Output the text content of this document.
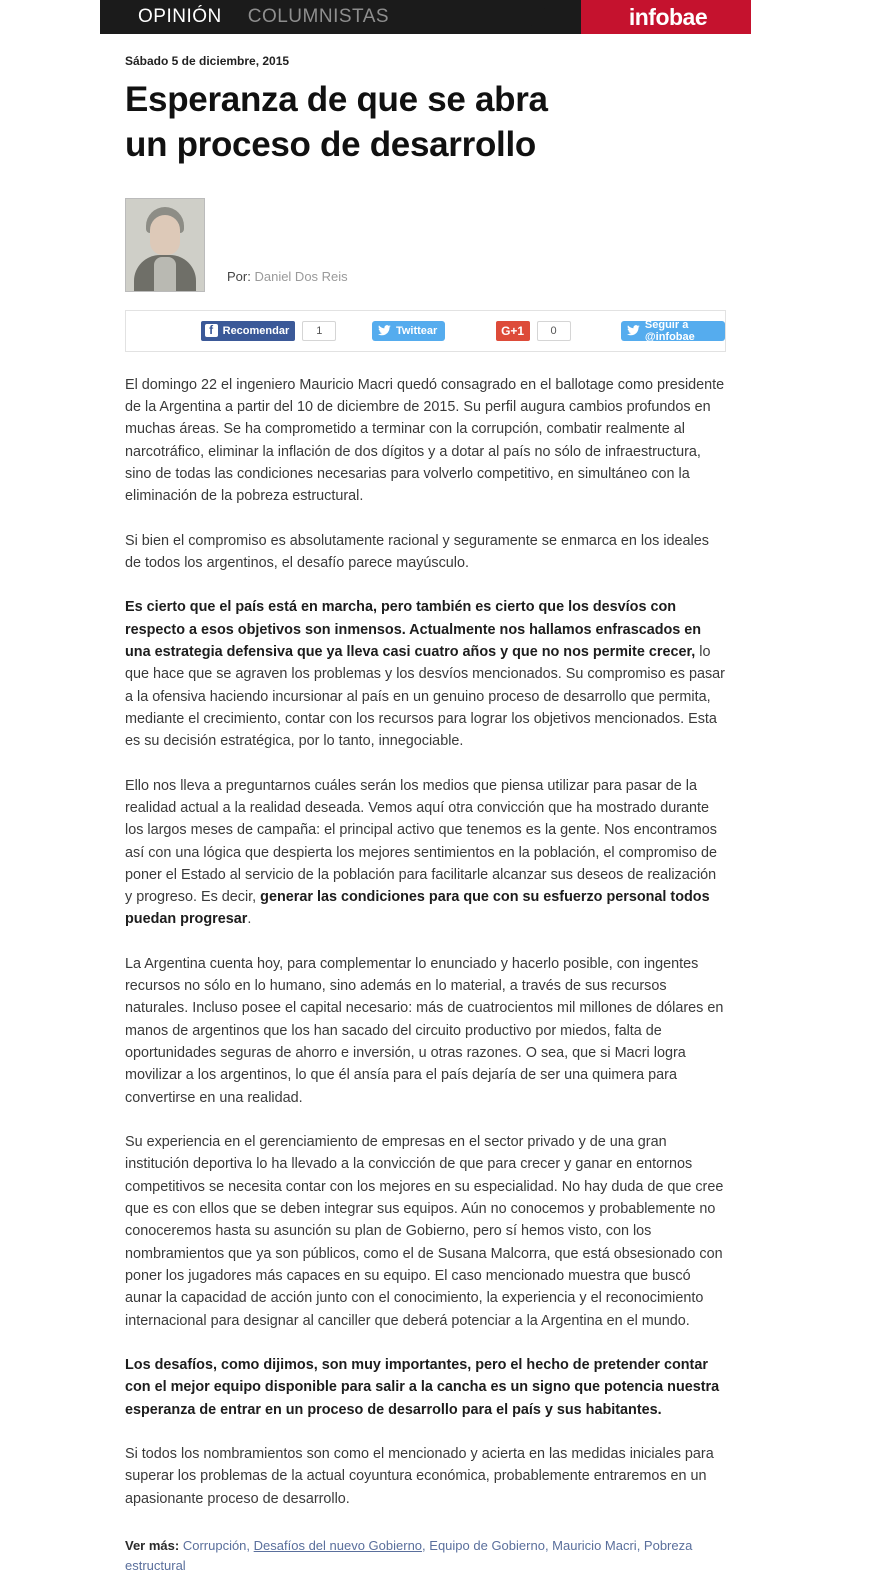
OPINIÓN COLUMNISTAS	infobae
Sábado 5 de diciembre, 2015
Esperanza de que se abra
un proceso de desarrollo
Por: Daniel Dos Reis
f Recomendar	1	Twittear	G+1	0	Seguir a @infobae

El domingo 22 el ingeniero Mauricio Macri quedó consagrado en el ballotage como presidente de la Argentina a partir del 10 de diciembre de 2015. Su perfil augura cambios profundos en muchas áreas. Se ha comprometido a terminar con la corrupción, combatir realmente al narcotráfico, eliminar la inflación de dos dígitos y a dotar al país no sólo de infraestructura, sino de todas las condiciones necesarias para volverlo competitivo, en simultáneo con la eliminación de la pobreza estructural.

Si bien el compromiso es absolutamente racional y seguramente se enmarca en los ideales de todos los argentinos, el desafío parece mayúsculo.

Es cierto que el país está en marcha, pero también es cierto que los desvíos con respecto a esos objetivos son inmensos. Actualmente nos hallamos enfrascados en una estrategia defensiva que ya lleva casi cuatro años y que no nos permite crecer, lo que hace que se agraven los problemas y los desvíos mencionados. Su compromiso es pasar a la ofensiva haciendo incursionar al país en un genuino proceso de desarrollo que permita, mediante el crecimiento, contar con los recursos para lograr los objetivos mencionados. Esta es su decisión estratégica, por lo tanto, innegociable.

Ello nos lleva a preguntarnos cuáles serán los medios que piensa utilizar para pasar de la realidad actual a la realidad deseada. Vemos aquí otra convicción que ha mostrado durante los largos meses de campaña: el principal activo que tenemos es la gente. Nos encontramos así con una lógica que despierta los mejores sentimientos en la población, el compromiso de poner el Estado al servicio de la población para facilitarle alcanzar sus deseos de realización y progreso. Es decir, generar las condiciones para que con su esfuerzo personal todos puedan progresar.

La Argentina cuenta hoy, para complementar lo enunciado y hacerlo posible, con ingentes recursos no sólo en lo humano, sino además en lo material, a través de sus recursos naturales. Incluso posee el capital necesario: más de cuatrocientos mil millones de dólares en manos de argentinos que los han sacado del circuito productivo por miedos, falta de oportunidades seguras de ahorro e inversión, u otras razones. O sea, que si Macri logra movilizar a los argentinos, lo que él ansía para el país dejaría de ser una quimera para convertirse en una realidad.

Su experiencia en el gerenciamiento de empresas en el sector privado y de una gran institución deportiva lo ha llevado a la convicción de que para crecer y ganar en entornos competitivos se necesita contar con los mejores en su especialidad. No hay duda de que cree que es con ellos que se deben integrar sus equipos. Aún no conocemos y probablemente no conoceremos hasta su asunción su plan de Gobierno, pero sí hemos visto, con los nombramientos que ya son públicos, como el de Susana Malcorra, que está obsesionado con poner los jugadores más capaces en su equipo. El caso mencionado muestra que buscó aunar la capacidad de acción junto con el conocimiento, la experiencia y el reconocimiento internacional para designar al canciller que deberá potenciar a la Argentina en el mundo.

Los desafíos, como dijimos, son muy importantes, pero el hecho de pretender contar con el mejor equipo disponible para salir a la cancha es un signo que potencia nuestra esperanza de entrar en un proceso de desarrollo para el país y sus habitantes.

Si todos los nombramientos son como el mencionado y acierta en las medidas iniciales para superar los problemas de la actual coyuntura económica, probablemente entraremos en un apasionante proceso de desarrollo.

Ver más: Corrupción, Desafíos del nuevo Gobierno, Equipo de Gobierno, Mauricio Macri, Pobreza estructural
